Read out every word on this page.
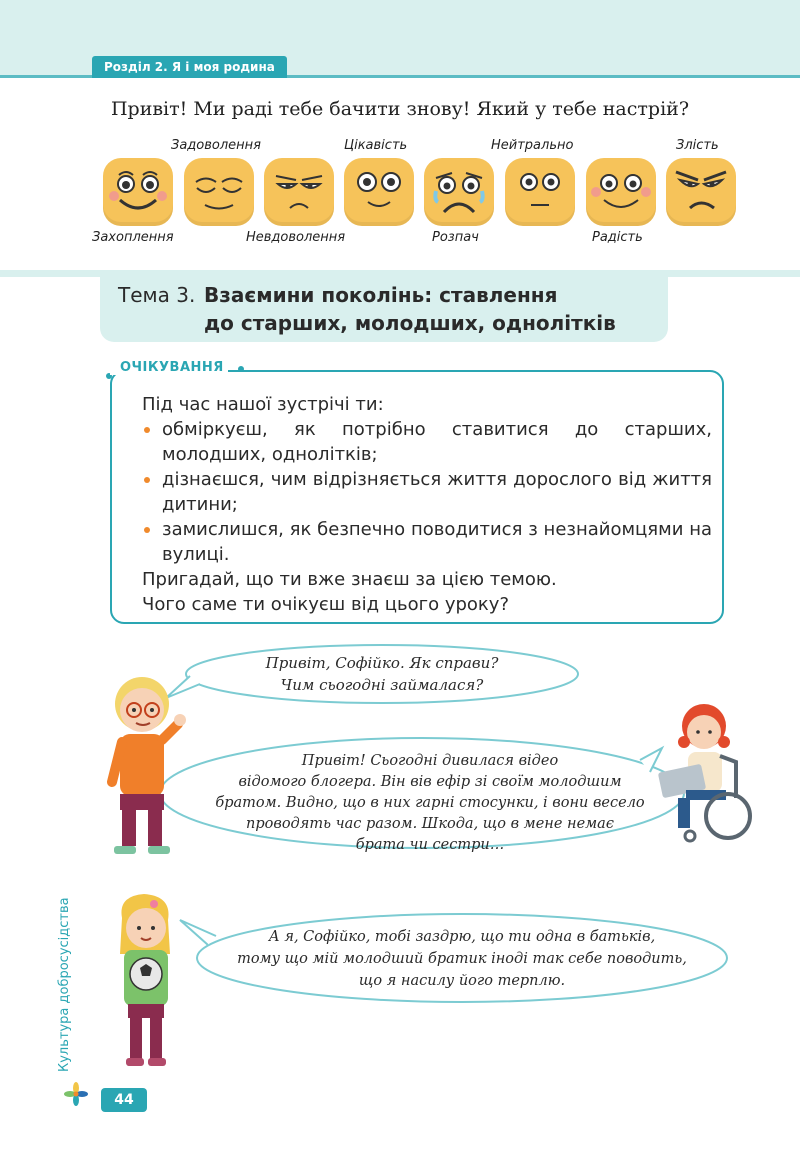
Розділ 2. Я і моя родина
Привіт! Ми раді тебе бачити знову! Який у тебе настрій?
Захоплення
Задоволення
Невдоволення
Цікавість
Розпач
Нейтрально
Радість
Злість
Тема 3. Взаємини поколінь: ставлення
до старших, молодших, однолітків
ОЧІКУВАННЯ

Під час нашої зустрічі ти:

обміркуєш, як потрібно ставитися до старших, молодших, однолітків;

дізнаєшся, чим відрізняється життя дорослого від життя дитини;

замислишся, як безпечно поводитися з незнайомцями на вулиці.

Пригадай, що ти вже знаєш за цією темою.

Чого саме ти очікуєш від цього уроку?

Привіт, Софійко. Як справи?
Чим сьогодні займалася?
Привіт! Сьогодні дивилася відео
відомого блогера. Він вів ефір зі своїм молодшим
братом. Видно, що в них гарні стосунки, і вони весело
проводять час разом. Шкода, що в мене немає
брата чи сестри…
А я, Софійко, тобі заздрю, що ти одна в батьків,
тому що мій молодший братик іноді так себе поводить,
що я насилу його терплю.
Культура добросусідства
44
